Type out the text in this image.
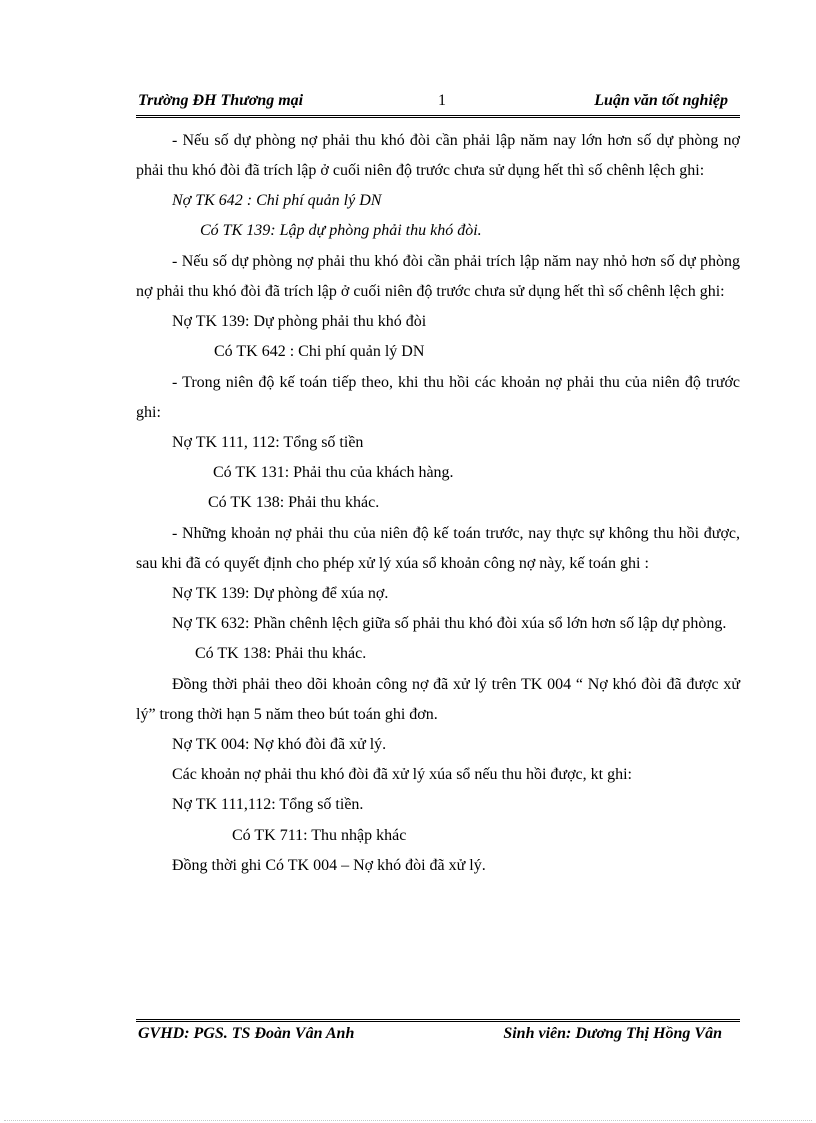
Trường ĐH Thương mại	1	Luận văn tốt nghiệp

- Nếu số dự phòng nợ phải thu khó đòi cần phải lập năm nay lớn hơn số dự phòng nợ phải thu khó đòi đã trích lập ở cuối niên độ trước chưa sử dụng hết thì số chênh lệch ghi:

Nợ TK 642 : Chi phí quản lý DN

Có TK 139: Lập dự phòng phải thu khó đòi.

- Nếu số dự phòng nợ phải thu khó đòi cần phải trích lập năm nay nhỏ hơn số dự phòng nợ phải thu khó đòi đã trích lập ở cuối niên độ trước chưa sử dụng hết thì số chênh lệch ghi:

Nợ TK 139: Dự phòng phải thu khó đòi

Có TK 642 : Chi phí quản lý DN

- Trong niên độ kế toán tiếp theo, khi thu hồi các khoản nợ phải thu của niên độ trước ghi:

Nợ TK 111, 112: Tổng số tiền

Có TK 131: Phải thu của khách hàng.

Có TK 138: Phải thu khác.

- Những khoản nợ phải thu của niên độ kế toán trước, nay thực sự không thu hồi được, sau khi đã có quyết định cho phép xử lý xúa sổ khoản công nợ này, kế toán ghi :

Nợ TK 139: Dự phòng để xúa nợ.

Nợ TK 632: Phần chênh lệch giữa số phải thu khó đòi xúa sổ lớn hơn số lập dự phòng.

Có TK 138: Phải thu khác.

Đồng thời phải theo dõi khoản công nợ đã xử lý trên TK 004 “ Nợ khó đòi đã được xử lý” trong thời hạn 5 năm theo bút toán ghi đơn.

Nợ TK 004: Nợ khó đòi đã xử lý.

Các khoản nợ phải thu khó đòi đã xử lý xúa sổ nếu thu hồi được, kt ghi:

Nợ TK 111,112: Tổng số tiền.

Có TK 711: Thu nhập khác

Đồng thời ghi Có TK 004 – Nợ khó đòi đã xử lý.

GVHD: PGS. TS Đoàn Vân Anh	Sinh viên: Dương Thị Hồng Vân
